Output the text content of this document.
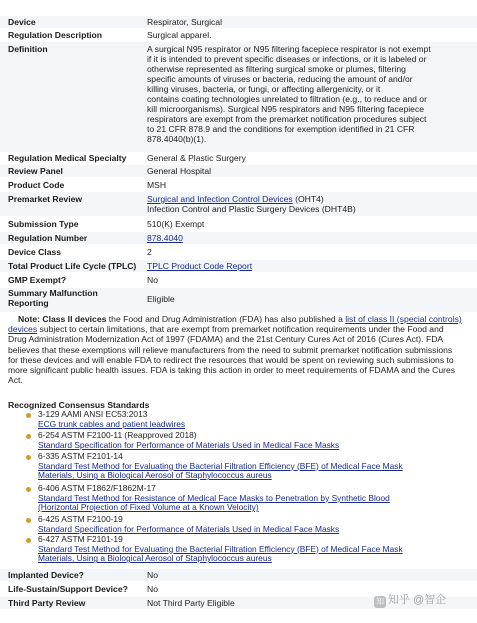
Device	Respirator, Surgical
Regulation Description	Surgical apparel.
Definition	A surgical N95 respirator or N95 filtering facepiece respirator is not exempt
if it is intended to prevent specific diseases or infections, or it is labeled or
otherwise represented as filtering surgical smoke or plumes, filtering
specific amounts of viruses or bacteria, reducing the amount of and/or
killing viruses, bacteria, or fungi, or affecting allergenicity, or it
contains coating technologies unrelated to filtration (e.g., to reduce and or
kill microorganisms). Surgical N95 respirators and N95 filtering facepiece
respirators are exempt from the premarket notification procedures subject
to 21 CFR 878.9 and the conditions for exemption identified in 21 CFR
878.4040(b)(1).
Regulation Medical Specialty	General & Plastic Surgery
Review Panel	General Hospital
Product Code	MSH
Premarket Review	Surgical and Infection Control Devices (OHT4)
Infection Control and Plastic Surgery Devices (DHT4B)
Submission Type	510(K) Exempt
Regulation Number	878.4040
Device Class	2
Total Product Life Cycle (TPLC)	TPLC Product Code Report
GMP Exempt?	No
Summary Malfunction
Reporting	Eligible
Note: Class II devices the Food and Drug Administration (FDA) has also published a list of class II (special controls) devices subject to certain limitations, that are exempt from premarket notification requirements under the Food and Drug Administration Modernization Act of 1997 (FDAMA) and the 21st Century Cures Act of 2016 (Cures Act). FDA believes that these exemptions will relieve manufacturers from the need to submit premarket notification submissions for these devices and will enable FDA to redirect the resources that would be spent on reviewing such submissions to more significant public health issues. FDA is taking this action in order to meet requirements of FDAMA and the Cures Act.
Recognized Consensus Standards
3-129 AAMI ANSI EC53:2013
ECG trunk cables and patient leadwires
6-254 ASTM F2100-11 (Reapproved 2018)
Standard Specification for Performance of Materials Used in Medical Face Masks
6-335 ASTM F2101-14
Standard Test Method for Evaluating the Bacterial Filtration Efficiency (BFE) of Medical Face Mask
Materials, Using a Biological Aerosol of Staphylococcus aureus
6-406 ASTM F1862/F1862M-17
Standard Test Method for Resistance of Medical Face Masks to Penetration by Synthetic Blood
(Horizontal Projection of Fixed Volume at a Known Velocity)
6-425 ASTM F2100-19
Standard Specification for Performance of Materials Used in Medical Face Masks
6-427 ASTM F2101-19
Standard Test Method for Evaluating the Bacterial Filtration Efficiency (BFE) of Medical Face Mask
Materials, Using a Biological Aerosol of Staphylococcus aureus
Implanted Device?	No
Life-Sustain/Support Device?	No
Third Party Review	Not Third Party Eligible	知 知乎 @智企
